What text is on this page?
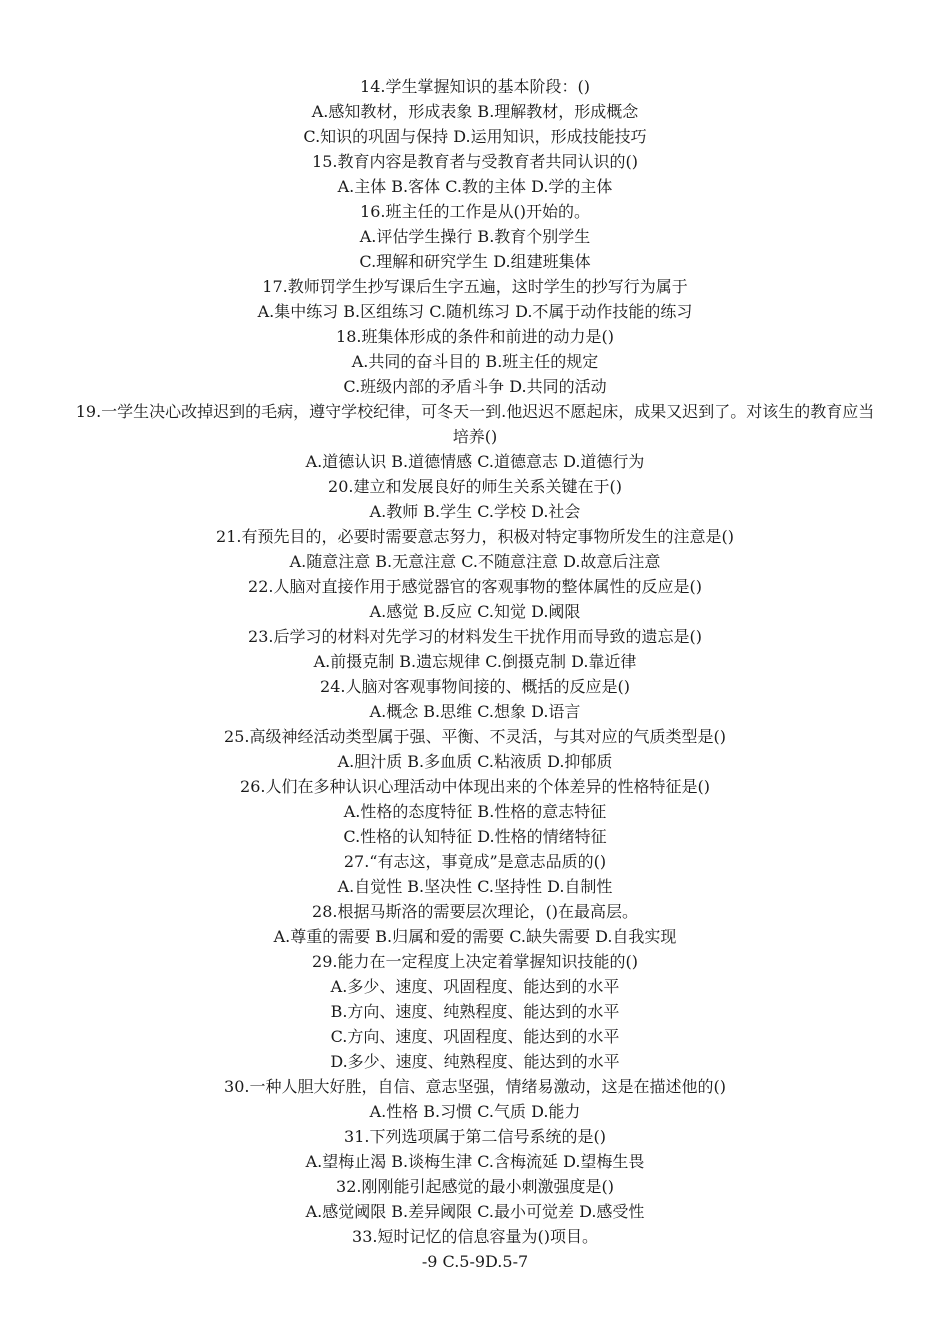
14.学生掌握知识的基本阶段：()
A.感知教材，形成表象 B.理解教材，形成概念
C.知识的巩固与保持 D.运用知识，形成技能技巧
15.教育内容是教育者与受教育者共同认识的()
A.主体 B.客体 C.教的主体 D.学的主体
16.班主任的工作是从()开始的。
A.评估学生操行 B.教育个别学生
C.理解和研究学生 D.组建班集体
17.教师罚学生抄写课后生字五遍，这时学生的抄写行为属于
A.集中练习 B.区组练习 C.随机练习 D.不属于动作技能的练习
18.班集体形成的条件和前进的动力是()
A.共同的奋斗目的 B.班主任的规定
C.班级内部的矛盾斗争 D.共同的活动
19.一学生决心改掉迟到的毛病，遵守学校纪律，可冬天一到.他迟迟不愿起床，成果又迟到了。对该生的教育应当培养()
A.道德认识 B.道德情感 C.道德意志 D.道德行为
20.建立和发展良好的师生关系关键在于()
A.教师 B.学生 C.学校 D.社会
21.有预先目的，必要时需要意志努力，积极对特定事物所发生的注意是()
A.随意注意 B.无意注意 C.不随意注意 D.故意后注意
22.人脑对直接作用于感觉器官的客观事物的整体属性的反应是()
A.感觉 B.反应 C.知觉 D.阈限
23.后学习的材料对先学习的材料发生干扰作用而导致的遗忘是()
A.前摄克制 B.遗忘规律 C.倒摄克制 D.靠近律
24.人脑对客观事物间接的、概括的反应是()
A.概念 B.思维 C.想象 D.语言
25.高级神经活动类型属于强、平衡、不灵活，与其对应的气质类型是()
A.胆汁质 B.多血质 C.粘液质 D.抑郁质
26.人们在多种认识心理活动中体现出来的个体差异的性格特征是()
A.性格的态度特征 B.性格的意志特征
C.性格的认知特征 D.性格的情绪特征
27.“有志这，事竟成”是意志品质的()
A.自觉性 B.坚决性 C.坚持性 D.自制性
28.根据马斯洛的需要层次理论，()在最高层。
A.尊重的需要 B.归属和爱的需要 C.缺失需要 D.自我实现
29.能力在一定程度上决定着掌握知识技能的()
A.多少、速度、巩固程度、能达到的水平
B.方向、速度、纯熟程度、能达到的水平
C.方向、速度、巩固程度、能达到的水平
D.多少、速度、纯熟程度、能达到的水平
30.一种人胆大好胜，自信、意志坚强，情绪易激动，这是在描述他的()
A.性格 B.习惯 C.气质 D.能力
31.下列选项属于第二信号系统的是()
A.望梅止渴 B.谈梅生津 C.含梅流延 D.望梅生畏
32.刚刚能引起感觉的最小刺激强度是()
A.感觉阈限 B.差异阈限 C.最小可觉差 D.感受性
33.短时记忆的信息容量为()项目。
-9 C.5-9D.5-7
